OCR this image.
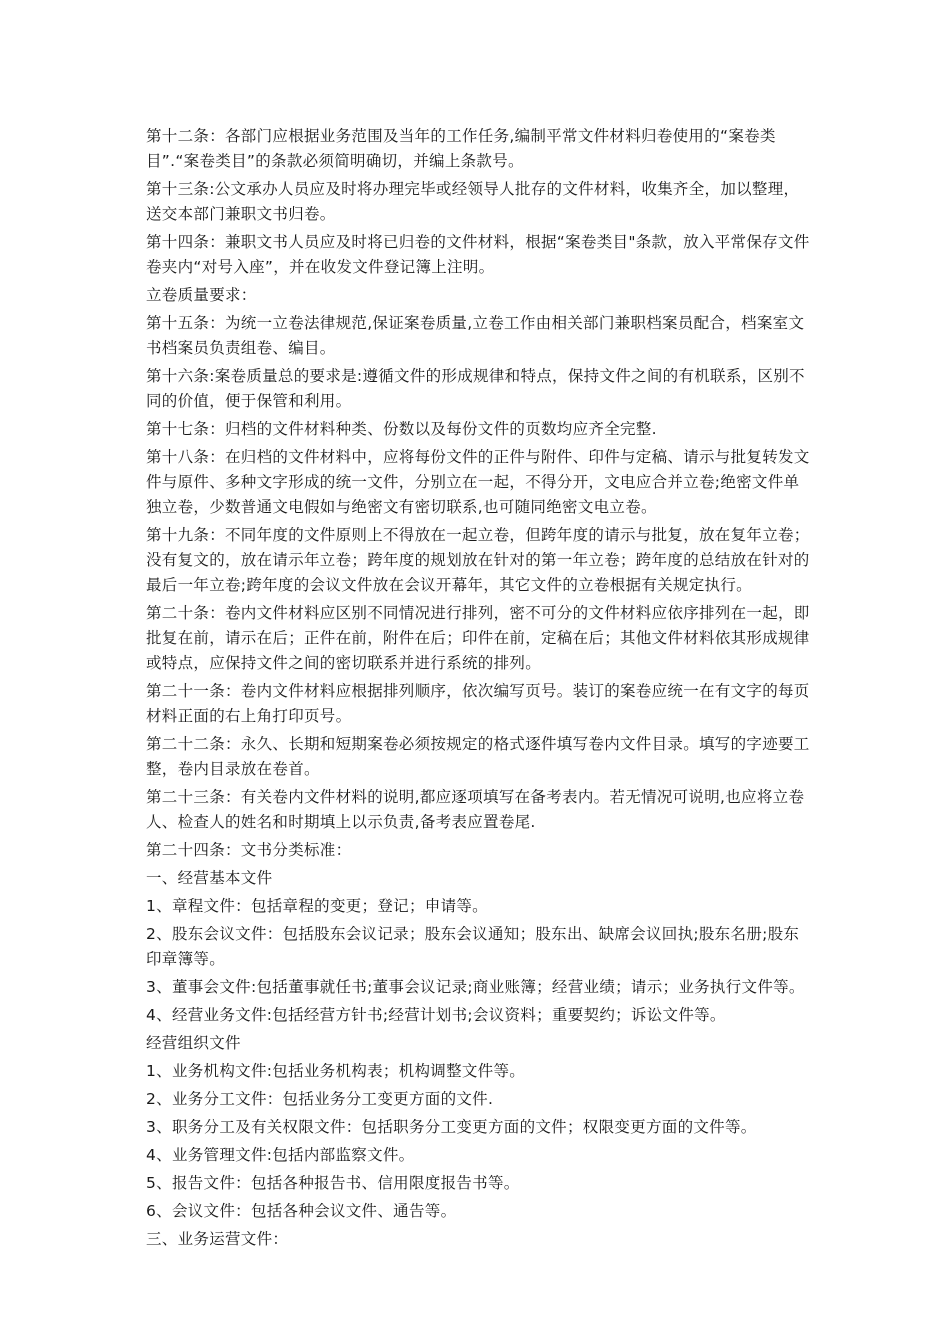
第十二条：各部门应根据业务范围及当年的工作任务,编制平常文件材料归卷使用的“案卷类目”.“案卷类目”的条款必须简明确切，并编上条款号。

第十三条:公文承办人员应及时将办理完毕或经领导人批存的文件材料，收集齐全，加以整理，送交本部门兼职文书归卷。

第十四条：兼职文书人员应及时将已归卷的文件材料，根据“案卷类目"条款，放入平常保存文件卷夹内“对号入座”，并在收发文件登记簿上注明。

立卷质量要求：

第十五条：为统一立卷法律规范,保证案卷质量,立卷工作由相关部门兼职档案员配合，档案室文书档案员负责组卷、编目。

第十六条:案卷质量总的要求是:遵循文件的形成规律和特点，保持文件之间的有机联系，区别不同的价值，便于保管和利用。

第十七条：归档的文件材料种类、份数以及每份文件的页数均应齐全完整.

第十八条：在归档的文件材料中，应将每份文件的正件与附件、印件与定稿、请示与批复转发文件与原件、多种文字形成的统一文件，分别立在一起，不得分开，文电应合并立卷;绝密文件单独立卷，少数普通文电假如与绝密文有密切联系,也可随同绝密文电立卷。

第十九条：不同年度的文件原则上不得放在一起立卷，但跨年度的请示与批复，放在复年立卷；没有复文的，放在请示年立卷；跨年度的规划放在针对的第一年立卷；跨年度的总结放在针对的最后一年立卷;跨年度的会议文件放在会议开幕年，其它文件的立卷根据有关规定执行。

第二十条：卷内文件材料应区别不同情况进行排列，密不可分的文件材料应依序排列在一起，即批复在前，请示在后；正件在前，附件在后；印件在前，定稿在后；其他文件材料依其形成规律或特点，应保持文件之间的密切联系并进行系统的排列。

第二十一条：卷内文件材料应根据排列顺序，依次编写页号。装订的案卷应统一在有文字的每页材料正面的右上角打印页号。

第二十二条：永久、长期和短期案卷必须按规定的格式逐件填写卷内文件目录。填写的字迹要工整，卷内目录放在卷首。

第二十三条：有关卷内文件材料的说明,都应逐项填写在备考表内。若无情况可说明,也应将立卷人、检查人的姓名和时期填上以示负责,备考表应置卷尾.

第二十四条：文书分类标准：

一、经营基本文件

1、章程文件：包括章程的变更；登记；申请等。

2、股东会议文件：包括股东会议记录；股东会议通知；股东出、缺席会议回执;股东名册;股东印章簿等。

3、董事会文件:包括董事就任书;董事会议记录;商业账簿；经营业绩；请示；业务执行文件等。

4、经营业务文件:包括经营方针书;经营计划书;会议资料；重要契约；诉讼文件等。

经营组织文件

1、业务机构文件:包括业务机构表；机构调整文件等。

2、业务分工文件：包括业务分工变更方面的文件.

3、职务分工及有关权限文件：包括职务分工变更方面的文件；权限变更方面的文件等。

4、业务管理文件:包括内部监察文件。

5、报告文件：包括各种报告书、信用限度报告书等。

6、会议文件：包括各种会议文件、通告等。

三、业务运营文件：
